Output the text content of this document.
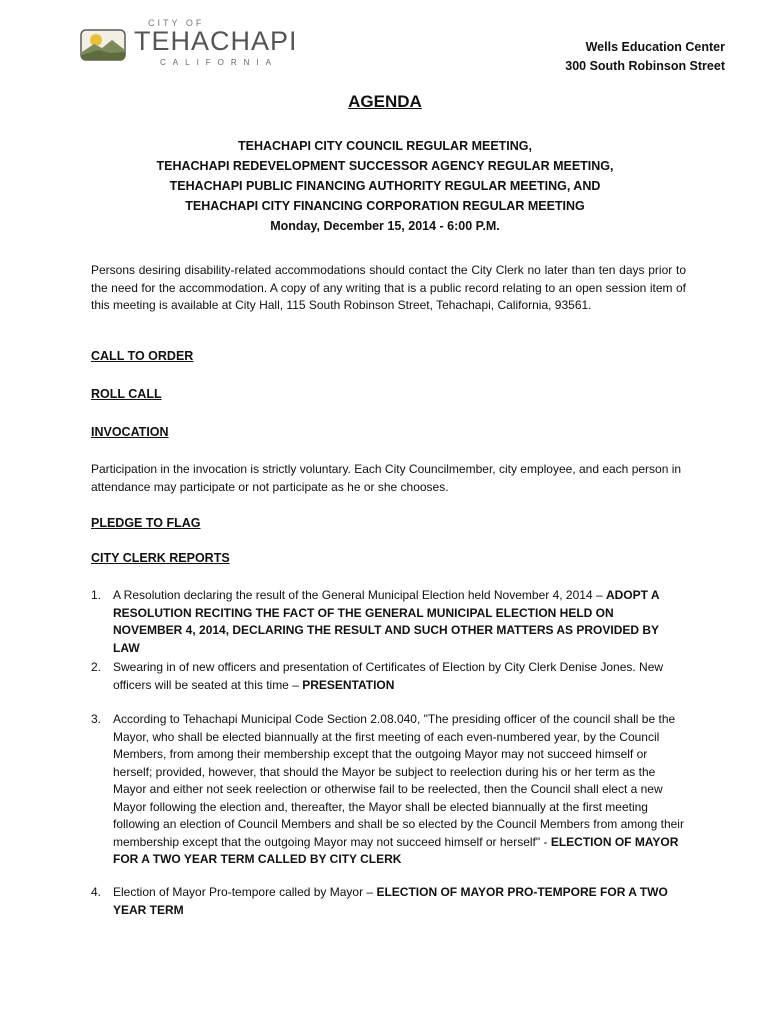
CITY OF
TEHACHAPI
CALIFORNIA
Wells Education Center
300 South Robinson Street
AGENDA
TEHACHAPI CITY COUNCIL REGULAR MEETING,
TEHACHAPI REDEVELOPMENT SUCCESSOR AGENCY REGULAR MEETING,
TEHACHAPI PUBLIC FINANCING AUTHORITY REGULAR MEETING, AND
TEHACHAPI CITY FINANCING CORPORATION REGULAR MEETING
Monday, December 15, 2014 - 6:00 P.M.
Persons desiring disability-related accommodations should contact the City Clerk no later than ten days prior to the need for the accommodation. A copy of any writing that is a public record relating to an open session item of this meeting is available at City Hall, 115 South Robinson Street, Tehachapi, California, 93561.
CALL TO ORDER
ROLL CALL
INVOCATION
Participation in the invocation is strictly voluntary. Each City Councilmember, city employee, and each person in attendance may participate or not participate as he or she chooses.
PLEDGE TO FLAG
CITY CLERK REPORTS
1. A Resolution declaring the result of the General Municipal Election held November 4, 2014 – ADOPT A RESOLUTION RECITING THE FACT OF THE GENERAL MUNICIPAL ELECTION HELD ON NOVEMBER 4, 2014, DECLARING THE RESULT AND SUCH OTHER MATTERS AS PROVIDED BY LAW
2. Swearing in of new officers and presentation of Certificates of Election by City Clerk Denise Jones. New officers will be seated at this time – PRESENTATION
3. According to Tehachapi Municipal Code Section 2.08.040, "The presiding officer of the council shall be the Mayor, who shall be elected biannually at the first meeting of each even-numbered year, by the Council Members, from among their membership except that the outgoing Mayor may not succeed himself or herself; provided, however, that should the Mayor be subject to reelection during his or her term as the Mayor and either not seek reelection or otherwise fail to be reelected, then the Council shall elect a new Mayor following the election and, thereafter, the Mayor shall be elected biannually at the first meeting following an election of Council Members and shall be so elected by the Council Members from among their membership except that the outgoing Mayor may not succeed himself or herself" - ELECTION OF MAYOR FOR A TWO YEAR TERM CALLED BY CITY CLERK
4. Election of Mayor Pro-tempore called by Mayor – ELECTION OF MAYOR PRO-TEMPORE FOR A TWO YEAR TERM
